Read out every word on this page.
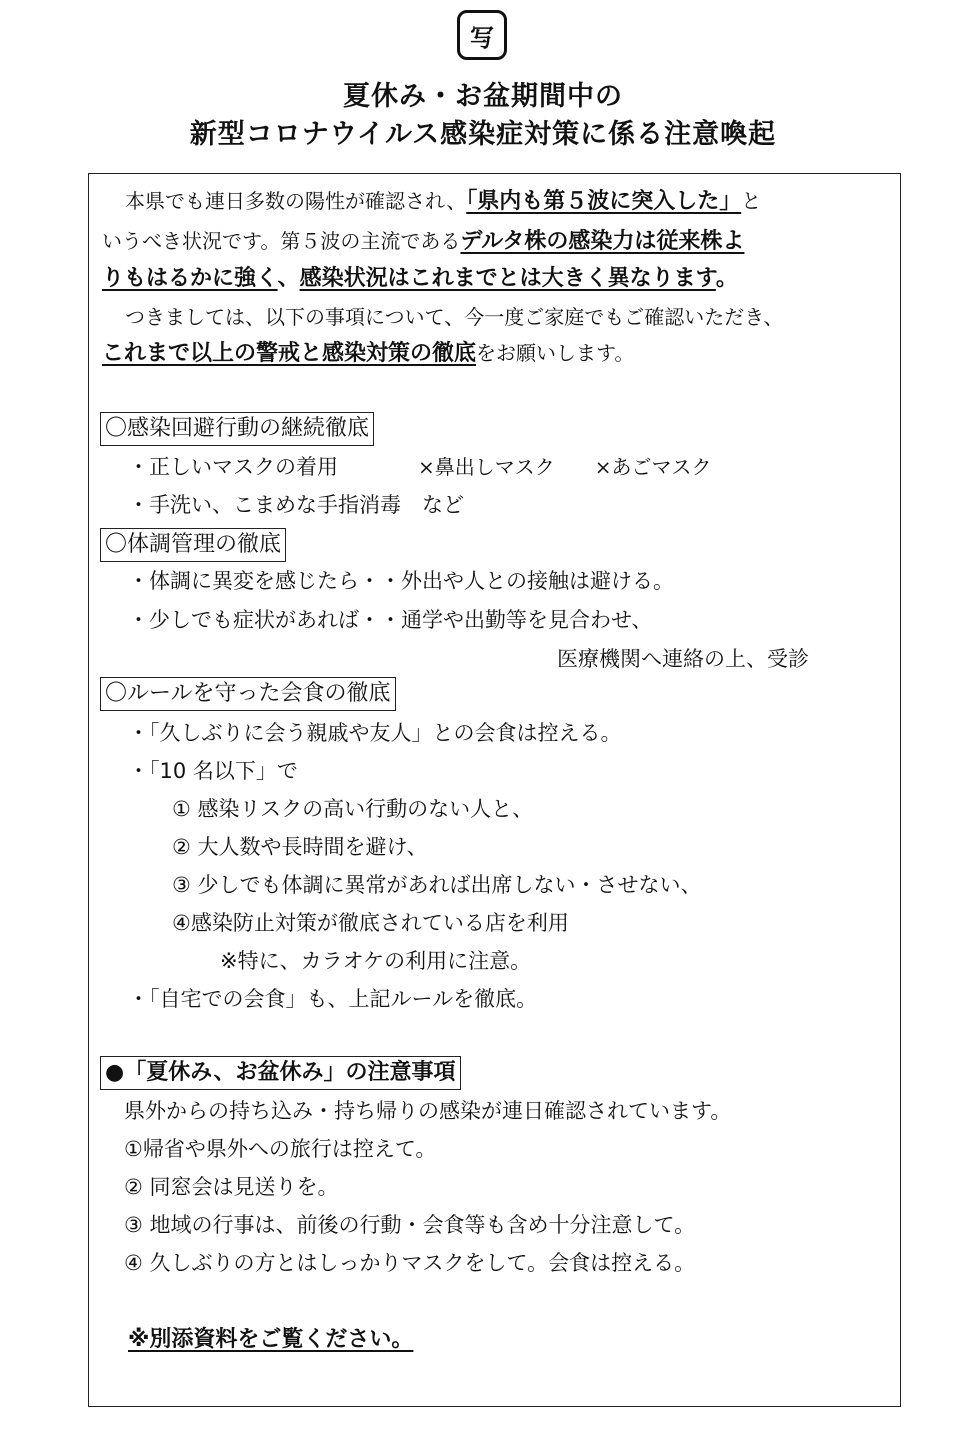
写
夏休み・お盆期間中の
新型コロナウイルス感染症対策に係る注意喚起
本県でも連日多数の陽性が確認され、「県内も第５波に突入した」と
いうべき状況です。第５波の主流であるデルタ株の感染力は従来株よ
りもはるかに強く、感染状況はこれまでとは大きく異なります。
つきましては、以下の事項について、今一度ご家庭でもご確認いただき、
これまで以上の警戒と感染対策の徹底をお願いします。
〇感染回避行動の継続徹底
・正しいマスクの着用	×鼻出しマスク ×あごマスク
・手洗い、こまめな手指消毒　など
〇体調管理の徹底
・体調に異変を感じたら・・外出や人との接触は避ける。
・少しでも症状があれば・・通学や出勤等を見合わせ、
医療機関へ連絡の上、受診
〇ルールを守った会食の徹底
・「久しぶりに会う親戚や友人」との会食は控える。
・「10 名以下」で
① 感染リスクの高い行動のない人と、
② 大人数や長時間を避け、
③ 少しでも体調に異常があれば出席しない・させない、
④感染防止対策が徹底されている店を利用
※特に、カラオケの利用に注意。
・「自宅での会食」も、上記ルールを徹底。
●「夏休み、お盆休み」の注意事項
県外からの持ち込み・持ち帰りの感染が連日確認されています。
①帰省や県外への旅行は控えて。
② 同窓会は見送りを。
③ 地域の行事は、前後の行動・会食等も含め十分注意して。
④ 久しぶりの方とはしっかりマスクをして。会食は控える。
※別添資料をご覧ください。
